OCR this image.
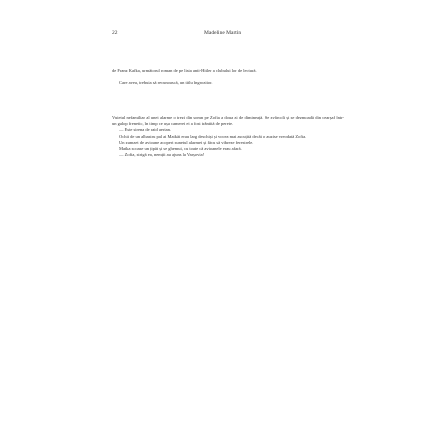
22	Madeline Martin

de Franz Kafka, următorul roman de pe lista anti-Hitler a clubului lor de lectură.

Care avea, trebuia să recunoască, un titlu îngrozitor.

Vuietul nefamiliar al unei alarme o trezi din somn pe Zofia a doua zi de dimineață. Se zvârcoli și se dezmoadă din cearșaf într-un galop frenetic, în timp ce ușa camerei ei a fost trântită de perete.

— Este sirena de raid aerian.

Ochii de un albastru pal ai Matkăi erau larg deschiși și vocea mai ascuțită decât o auzise vreodată Zofia.

Un zumzet de avioane acoperi sunetul alarmei și făcu să vibreze ferestrele.

Matka scoase un țipăt și se ghemui, cu toate că avioanele erau afară.

— Zofia, strigă ea, nemții au ajuns la Varșovia!
